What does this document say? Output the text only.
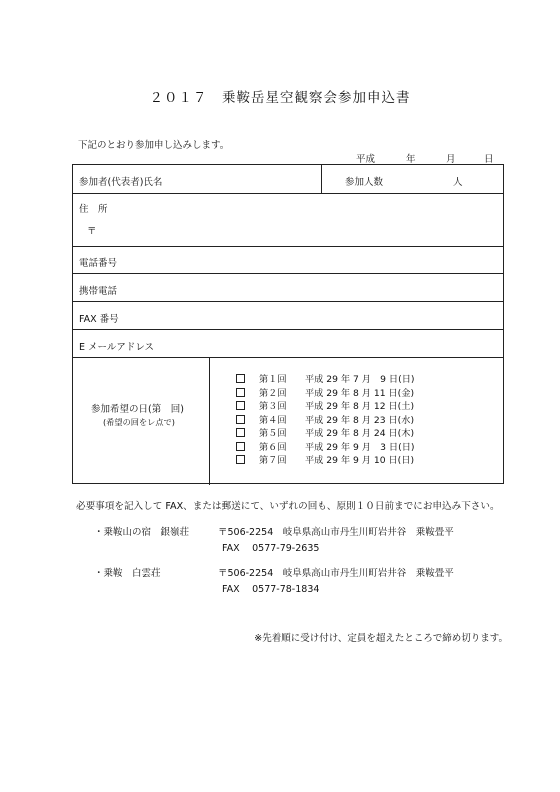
２０１７　乗鞍岳星空観察会参加申込書
下記のとおり参加申し込みします。
平成	年	月	日
参加者(代表者)氏名	参加人数	人
住　所
〒
電話番号
携帯電話
FAX 番号
E メールアドレス
参加希望の日(第　回)
(希望の回をレ点で)
第１回 平成 29 年 7 月　9 日(日)
第２回 平成 29 年 8 月 11 日(金)
第３回 平成 29 年 8 月 12 日(土)
第４回 平成 29 年 8 月 23 日(水)
第５回 平成 29 年 8 月 24 日(木)
第６回 平成 29 年 9 月　3 日(日)
第７回 平成 29 年 9 月 10 日(日)
必要事項を記入して FAX、または郵送にて、いずれの回も、原則１０日前までにお申込み下さい。
・乗鞍山の宿　銀嶺荘	〒506-2254　岐阜県高山市丹生川町岩井谷　乗鞍畳平
FAX　 0577-79-2635
・乗鞍　白雲荘	〒506-2254　岐阜県高山市丹生川町岩井谷　乗鞍畳平
FAX　 0577-78-1834
※先着順に受け付け、定員を超えたところで締め切ります。
